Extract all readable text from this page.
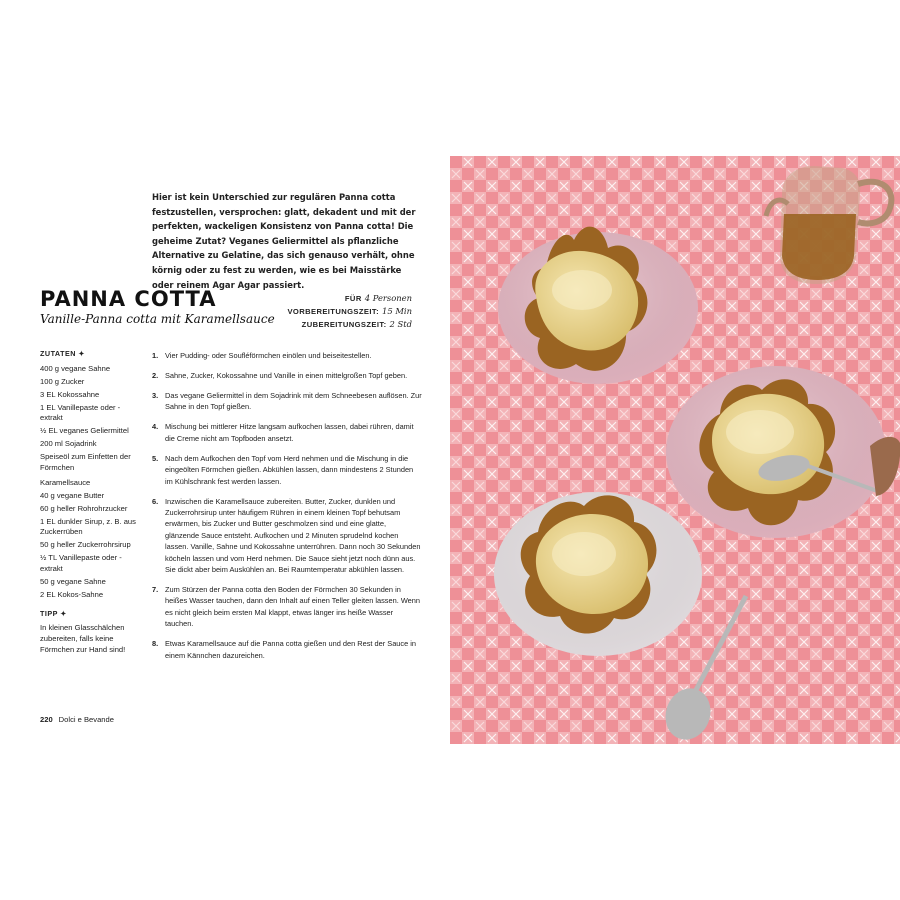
Hier ist kein Unterschied zur regulären Panna cotta festzustellen, versprochen: glatt, dekadent und mit der perfekten, wackeligen Konsistenz von Panna cotta! Die geheime Zutat? Veganes Geliermittel als pflanzliche Alternative zu Gelatine, das sich genauso verhält, ohne körnig oder zu fest zu werden, wie es bei Maisstärke oder reinem Agar Agar passiert.

PANNA COTTA
Vanille-Panna cotta mit Karamellsauce
FÜR 4 Personen
VORBEREITUNGSZEIT: 15 Min
ZUBEREITUNGSZEIT: 2 Std
ZUTATEN ✦
400 g vegane Sahne
100 g Zucker
3 EL Kokossahne
1 EL Vanillepaste oder -extrakt
½ EL veganes Geliermittel
200 ml Sojadrink
Speiseöl zum Einfetten der Förmchen
Karamellsauce
40 g vegane Butter
60 g heller Rohrohrzucker
1 EL dunkler Sirup, z. B. aus Zuckerrüben
50 g heller Zuckerrohrsirup
½ TL Vanillepaste oder -extrakt
50 g vegane Sahne
2 EL Kokos-Sahne
TIPP ✦
In kleinen Glasschälchen zubereiten, falls keine Förmchen zur Hand sind!
1. Vier Pudding- oder Soufléförmchen einölen und beiseitestellen.
2. Sahne, Zucker, Kokossahne und Vanille in einen mittelgroßen Topf geben.
3. Das vegane Geliermittel in dem Sojadrink mit dem Schneebesen auflösen. Zur Sahne in den Topf gießen.
4. Mischung bei mittlerer Hitze langsam aufkochen lassen, dabei rühren, damit die Creme nicht am Topfboden ansetzt.
5. Nach dem Aufkochen den Topf vom Herd nehmen und die Mischung in die eingeölten Förmchen gießen. Abkühlen lassen, dann mindestens 2 Stunden im Kühlschrank fest werden lassen.
6. Inzwischen die Karamellsauce zubereiten. Butter, Zucker, dunklen und Zuckerrohrsirup unter häufigem Rühren in einem kleinen Topf behutsam erwärmen, bis Zucker und Butter geschmolzen sind und eine glatte, glänzende Sauce entsteht. Aufkochen und 2 Minuten sprudelnd kochen lassen. Vanille, Sahne und Kokossahne unterrühren. Dann noch 30 Sekunden köcheln lassen und vom Herd nehmen. Die Sauce sieht jetzt noch dünn aus. Sie dickt aber beim Auskühlen an. Bei Raumtemperatur abkühlen lassen.
7. Zum Stürzen der Panna cotta den Boden der Förmchen 30 Sekunden in heißes Wasser tauchen, dann den Inhalt auf einen Teller gleiten lassen. Wenn es nicht gleich beim ersten Mal klappt, etwas länger ins heiße Wasser tauchen.
8. Etwas Karamellsauce auf die Panna cotta gießen und den Rest der Sauce in einem Kännchen dazureichen.
220 Dolci e Bevande
